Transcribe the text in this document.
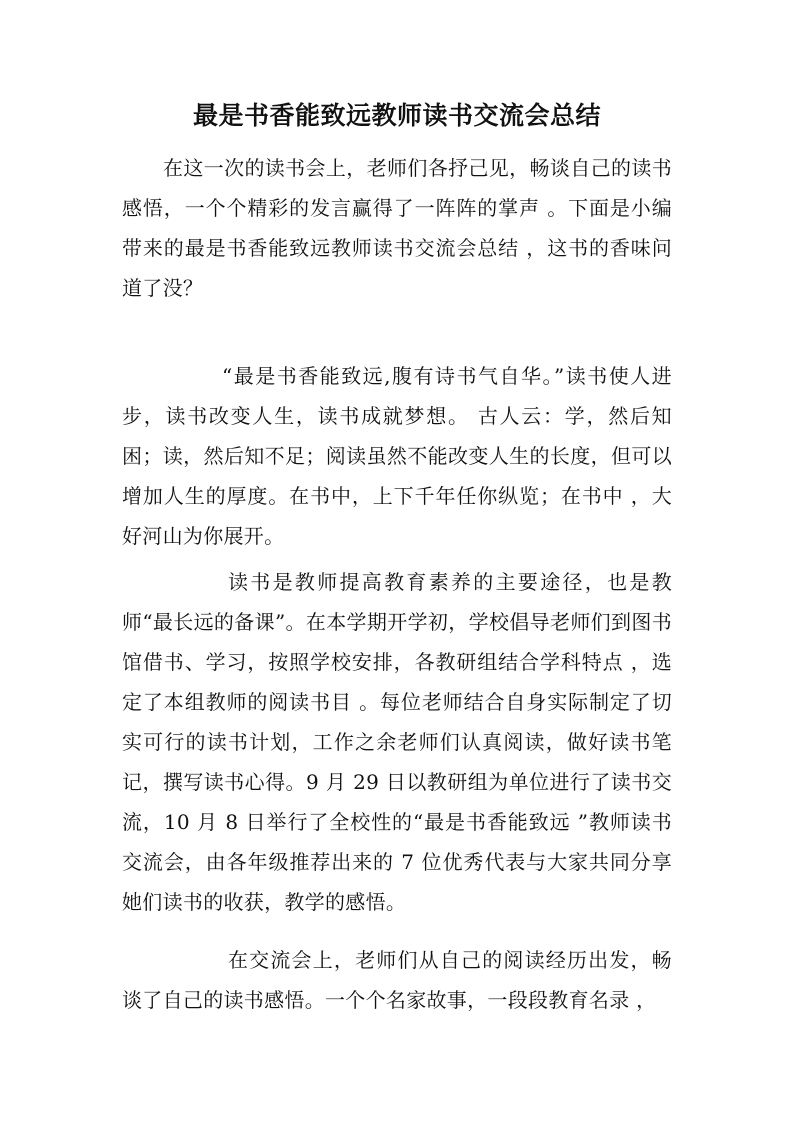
最是书香能致远教师读书交流会总结

在这一次的读书会上，老师们各抒己见，畅谈自己的读书感悟，一个个精彩的发言赢得了一阵阵的掌声 。下面是小编带来的最是书香能致远教师读书交流会总结 ，这书的香味问道了没？

“最是书香能致远,腹有诗书气自华。”读书使人进步，读书改变人生，读书成就梦想。 古人云：学，然后知困；读，然后知不足；阅读虽然不能改变人生的长度，但可以增加人生的厚度。在书中，上下千年任你纵览；在书中 ，大好河山为你展开。

读书是教师提高教育素养的主要途径，也是教师“最长远的备课”。在本学期开学初，学校倡导老师们到图书馆借书、学习，按照学校安排，各教研组结合学科特点 ，选定了本组教师的阅读书目 。每位老师结合自身实际制定了切实可行的读书计划，工作之余老师们认真阅读，做好读书笔记，撰写读书心得。9 月 29 日以教研组为单位进行了读书交流，10 月 8 日举行了全校性的“最是书香能致远 ”教师读书交流会，由各年级推荐出来的 7 位优秀代表与大家共同分享她们读书的收获，教学的感悟。

在交流会上，老师们从自己的阅读经历出发，畅谈了自己的读书感悟。一个个名家故事，一段段教育名录 ，
